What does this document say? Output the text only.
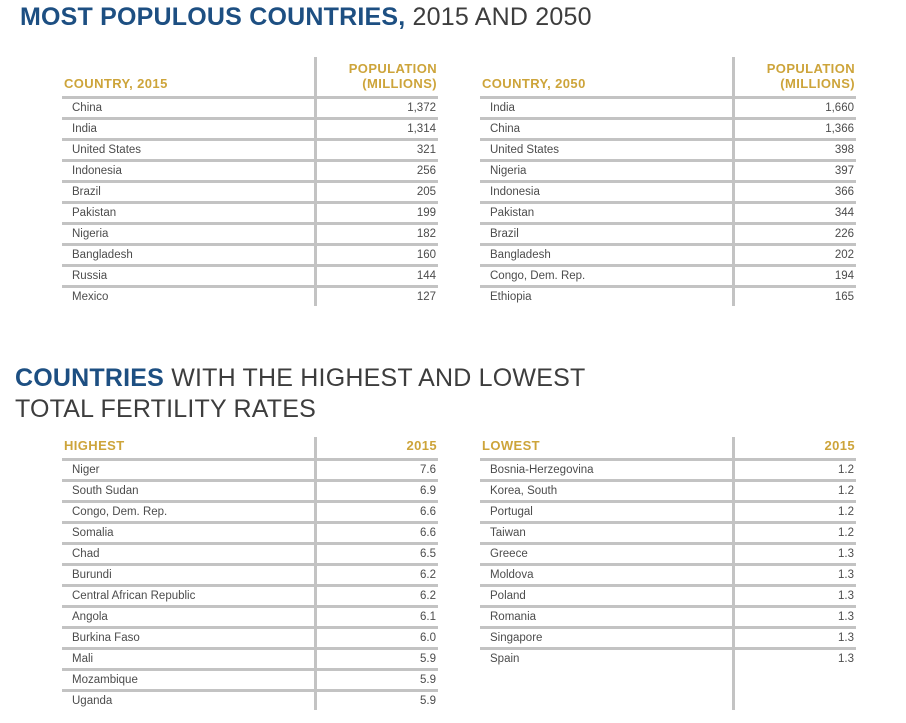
MOST POPULOUS COUNTRIES, 2015 AND 2050
COUNTRY, 2015
POPULATION
(MILLIONS)
China	1,372
India	1,314
United States	321
Indonesia	256
Brazil	205
Pakistan	199
Nigeria	182
Bangladesh	160
Russia	144
Mexico	127
COUNTRY, 2050
POPULATION
(MILLIONS)
India	1,660
China	1,366
United States	398
Nigeria	397
Indonesia	366
Pakistan	344
Brazil	226
Bangladesh	202
Congo, Dem. Rep.	194
Ethiopia	165
COUNTRIES WITH THE HIGHEST AND LOWEST
TOTAL FERTILITY RATES
HIGHEST	2015
Niger	7.6
South Sudan	6.9
Congo, Dem. Rep.	6.6
Somalia	6.6
Chad	6.5
Burundi	6.2
Central African Republic	6.2
Angola	6.1
Burkina Faso	6.0
Mali	5.9
Mozambique	5.9
Uganda	5.9
LOWEST	2015
Bosnia-Herzegovina	1.2
Korea, South	1.2
Portugal	1.2
Taiwan	1.2
Greece	1.3
Moldova	1.3
Poland	1.3
Romania	1.3
Singapore	1.3
Spain	1.3
